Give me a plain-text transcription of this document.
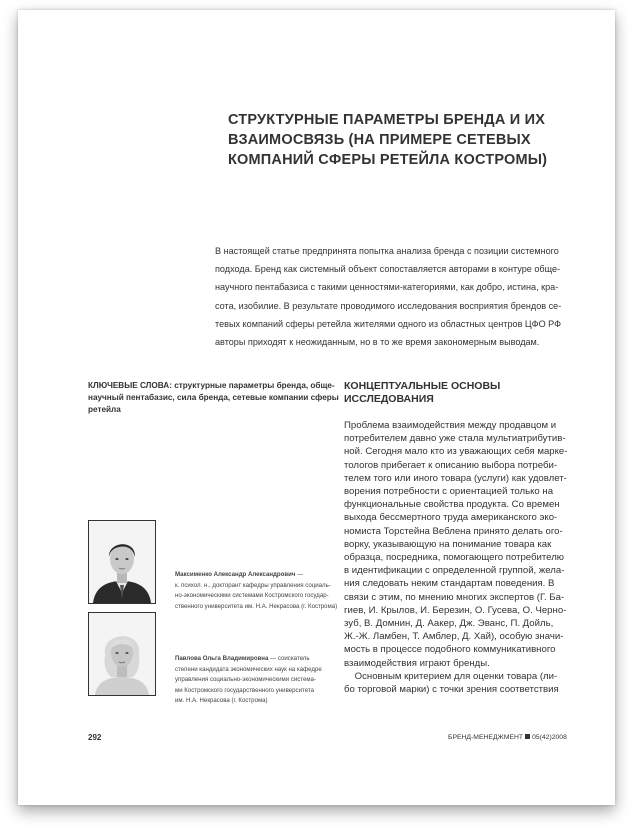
СТРУКТУРНЫЕ ПАРАМЕТРЫ БРЕНДА И ИХ
ВЗАИМОСВЯЗЬ (НА ПРИМЕРЕ СЕТЕВЫХ
КОМПАНИЙ СФЕРЫ РЕТЕЙЛА КОСТРОМЫ)
В настоящей статье предпринята попытка анализа бренда с позиции системного
подхода. Бренд как системный объект сопоставляется авторами в контуре обще-
научного пентабазиса с такими ценностями-категориями, как добро, истина, кра-
сота, изобилие. В результате проводимого исследования восприятия брендов се-
тевых компаний сферы ретейла жителями одного из областных центров ЦФО РФ
авторы приходят к неожиданным, но в то же время закономерным выводам.
КЛЮЧЕВЫЕ СЛОВА: структурные параметры бренда, обще-
научный пентабазис, сила бренда, сетевые компании сферы
ретейла
КОНЦЕПТУАЛЬНЫЕ ОСНОВЫ
ИССЛЕДОВАНИЯ
Проблема взаимодействия между продавцом и
потребителем давно уже стала мультиатрибутив-
ной. Сегодня мало кто из уважающих себя марке-
тологов прибегает к описанию выбора потреби-
телем того или иного товара (услуги) как удовлет-
ворения потребности с ориентацией только на
функциональные свойства продукта. Со времен
выхода бессмертного труда американского эко-
номиста Торстейна Веблена принято делать ого-
ворку, указывающую на понимание товара как
образца, посредника, помогающего потребителю
в идентификации с определенной группой, жела-
ния следовать неким стандартам поведения. В
связи с этим, по мнению многих экспертов (Г. Ба-
гиев, И. Крылов, И. Березин, О. Гусева, О. Черно-
зуб, В. Домнин, Д. Аакер, Дж. Эванс, П. Дойль,
Ж.-Ж. Ламбен, Т. Амблер, Д. Хай), особую значи-
мость в процессе подобного коммуникативного
взаимодействия играют бренды.
Основным критерием для оценки товара (ли-
бо торговой марки) с точки зрения соответствия
Максименко Александр Александрович —
к. психол. н., докторант кафедры управления социаль-
но-экономическими системами Костромского государ-
ственного университета им. Н.А. Некрасова (г. Кострома)
Павлова Ольга Владимировна — соискатель
степени кандидата экономических наук на кафедре
управления социально-экономическими система-
ми Костромского государственного университета
им. Н.А. Некрасова (г. Кострома)
292	БРЕНД-МЕНЕДЖМЕНТ 05(42)2008
